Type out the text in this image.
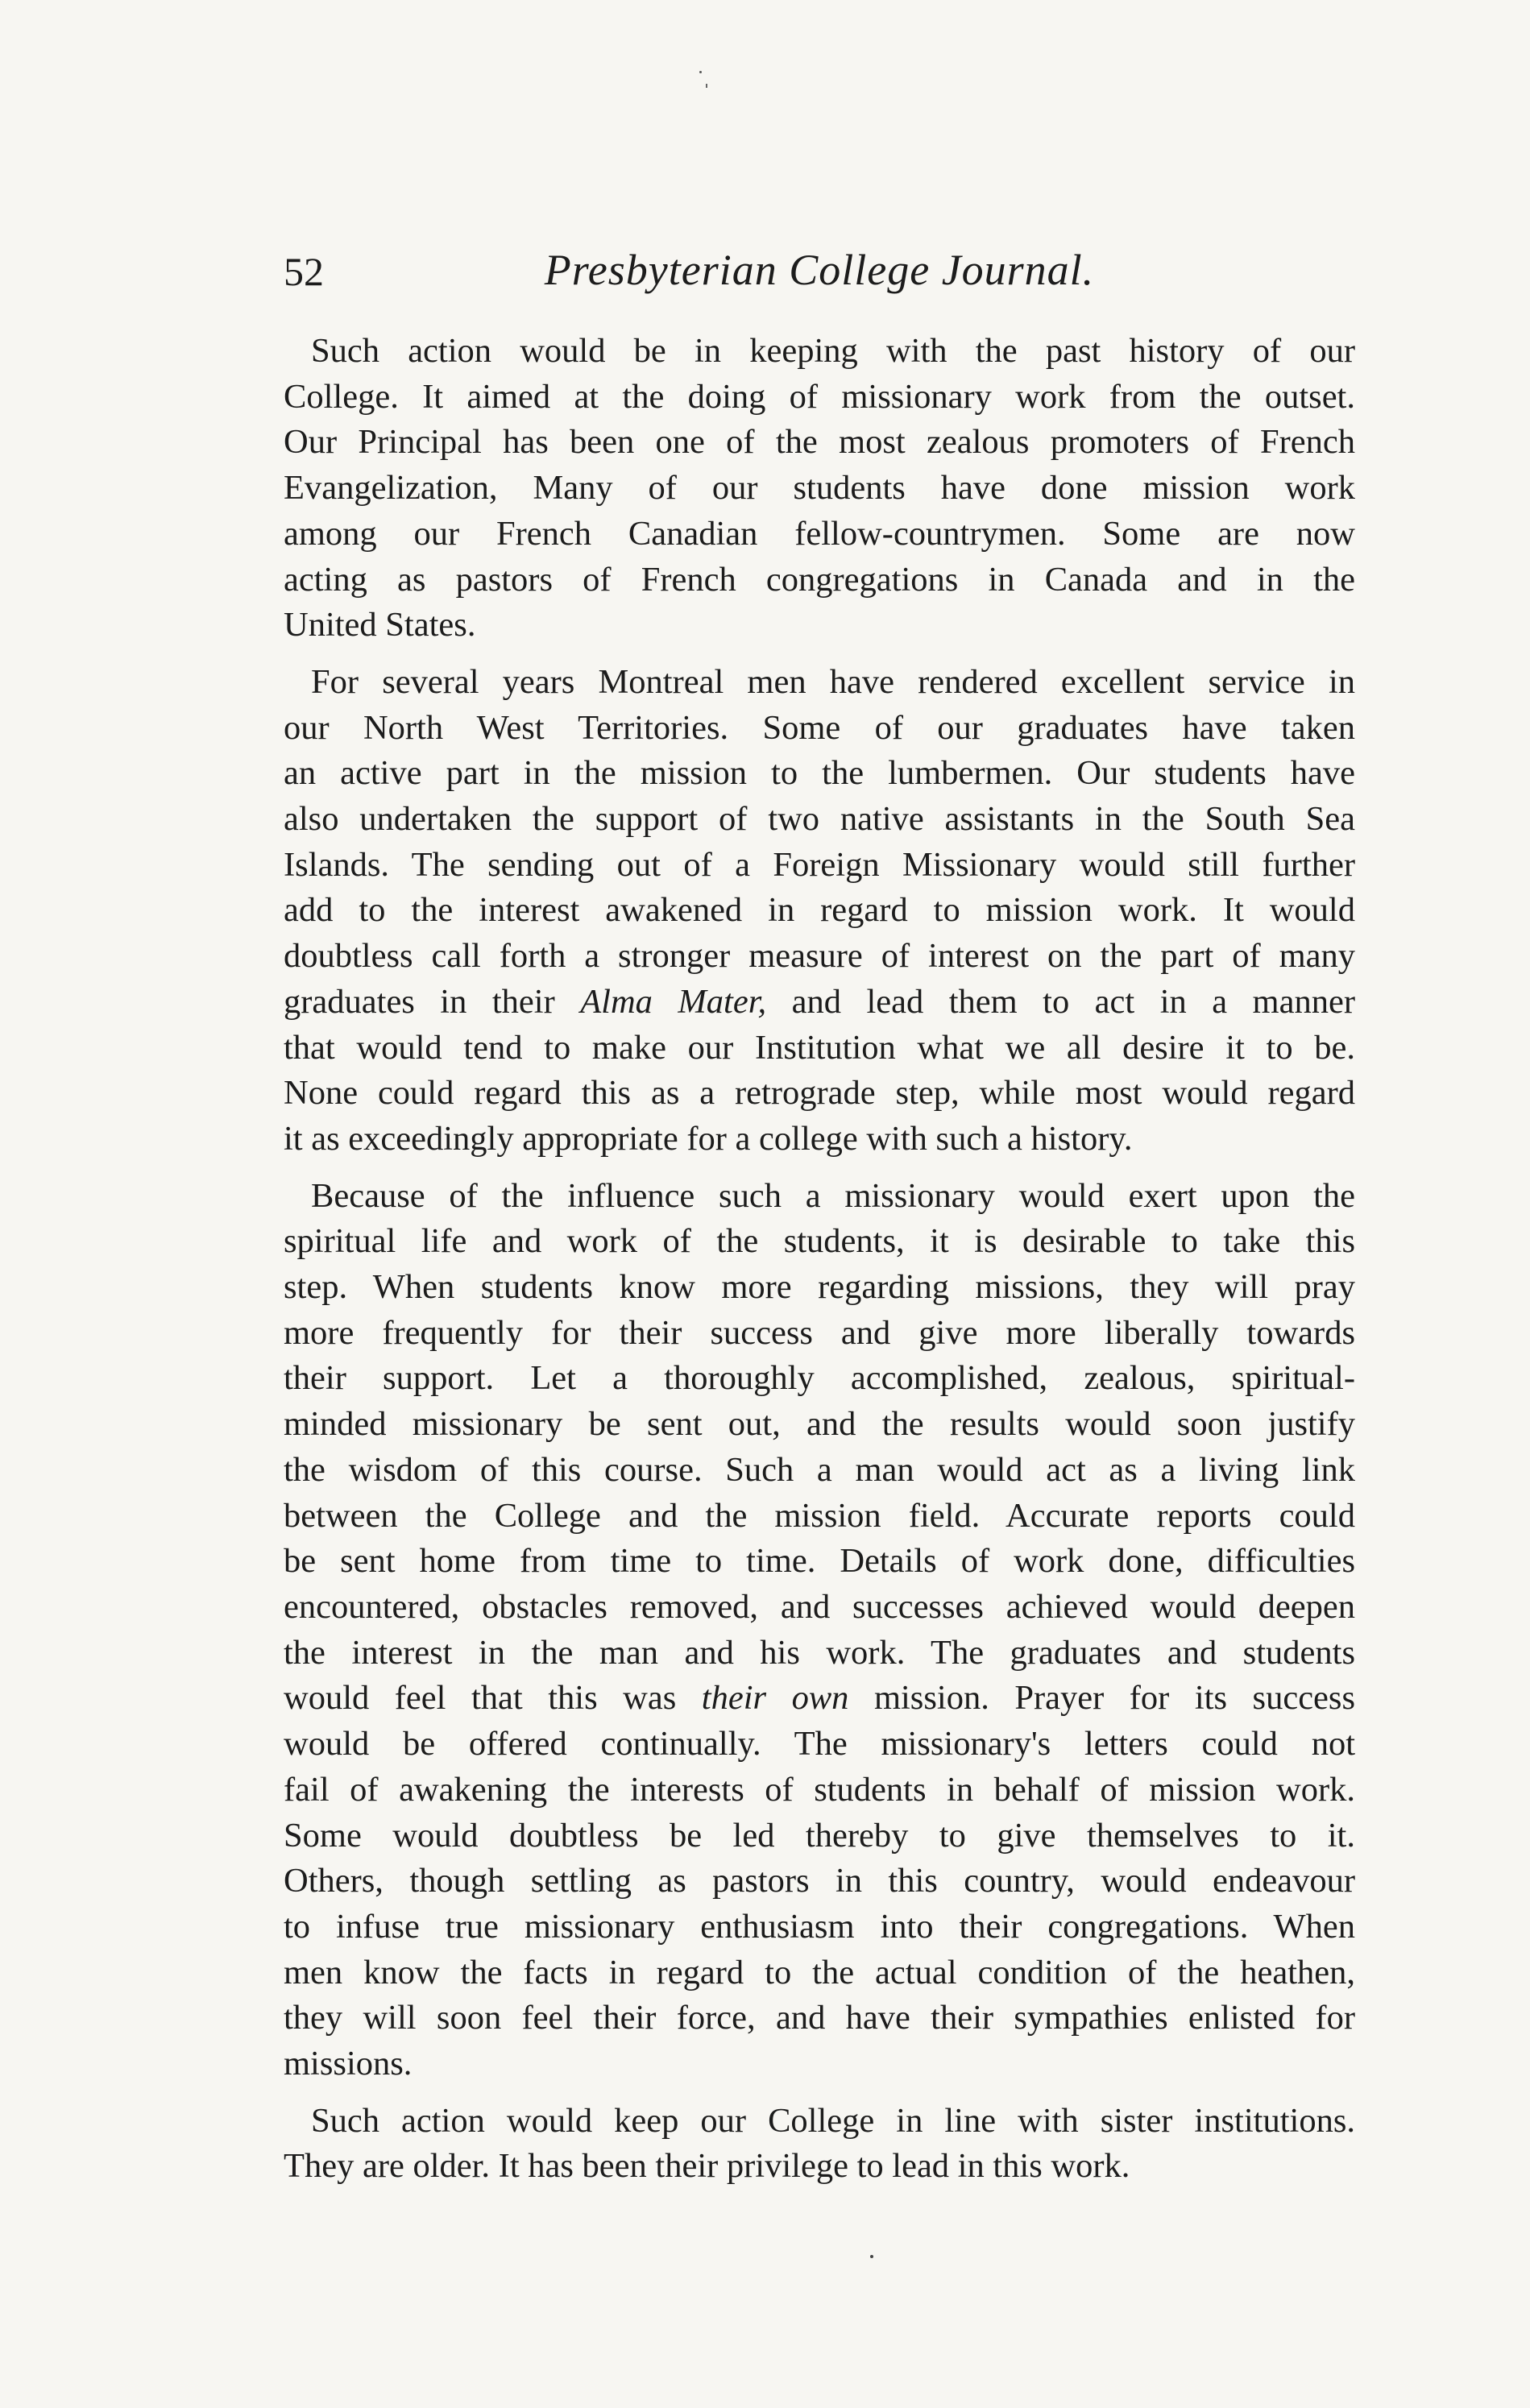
52	Presbyterian College Journal.
Such action would be in keeping with the past history of our
College. It aimed at the doing of missionary work from the outset.
Our Principal has been one of the most zealous promoters of French
Evangelization, Many of our students have done mission work
among our French Canadian fellow-countrymen. Some are now
acting as pastors of French congregations in Canada and in the
United States.
For several years Montreal men have rendered excellent service in
our North West Territories. Some of our graduates have taken
an active part in the mission to the lumbermen. Our students have
also undertaken the support of two native assistants in the South Sea
Islands. The sending out of a Foreign Missionary would still further
add to the interest awakened in regard to mission work. It would
doubtless call forth a stronger measure of interest on the part of many
graduates in their Alma Mater, and lead them to act in a manner
that would tend to make our Institution what we all desire it to be.
None could regard this as a retrograde step, while most would regard
it as exceedingly appropriate for a college with such a history.
Because of the influence such a missionary would exert upon the
spiritual life and work of the students, it is desirable to take this
step. When students know more regarding missions, they will pray
more frequently for their success and give more liberally towards
their support. Let a thoroughly accomplished, zealous, spiritual-
minded missionary be sent out, and the results would soon justify
the wisdom of this course. Such a man would act as a living link
between the College and the mission field. Accurate reports could
be sent home from time to time. Details of work done, difficulties
encountered, obstacles removed, and successes achieved would deepen
the interest in the man and his work. The graduates and students
would feel that this was their own mission. Prayer for its success
would be offered continually. The missionary's letters could not
fail of awakening the interests of students in behalf of mission work.
Some would doubtless be led thereby to give themselves to it.
Others, though settling as pastors in this country, would endeavour
to infuse true missionary enthusiasm into their congregations. When
men know the facts in regard to the actual condition of the heathen,
they will soon feel their force, and have their sympathies enlisted for
missions.
Such action would keep our College in line with sister institutions.
They are older. It has been their privilege to lead in this work.
